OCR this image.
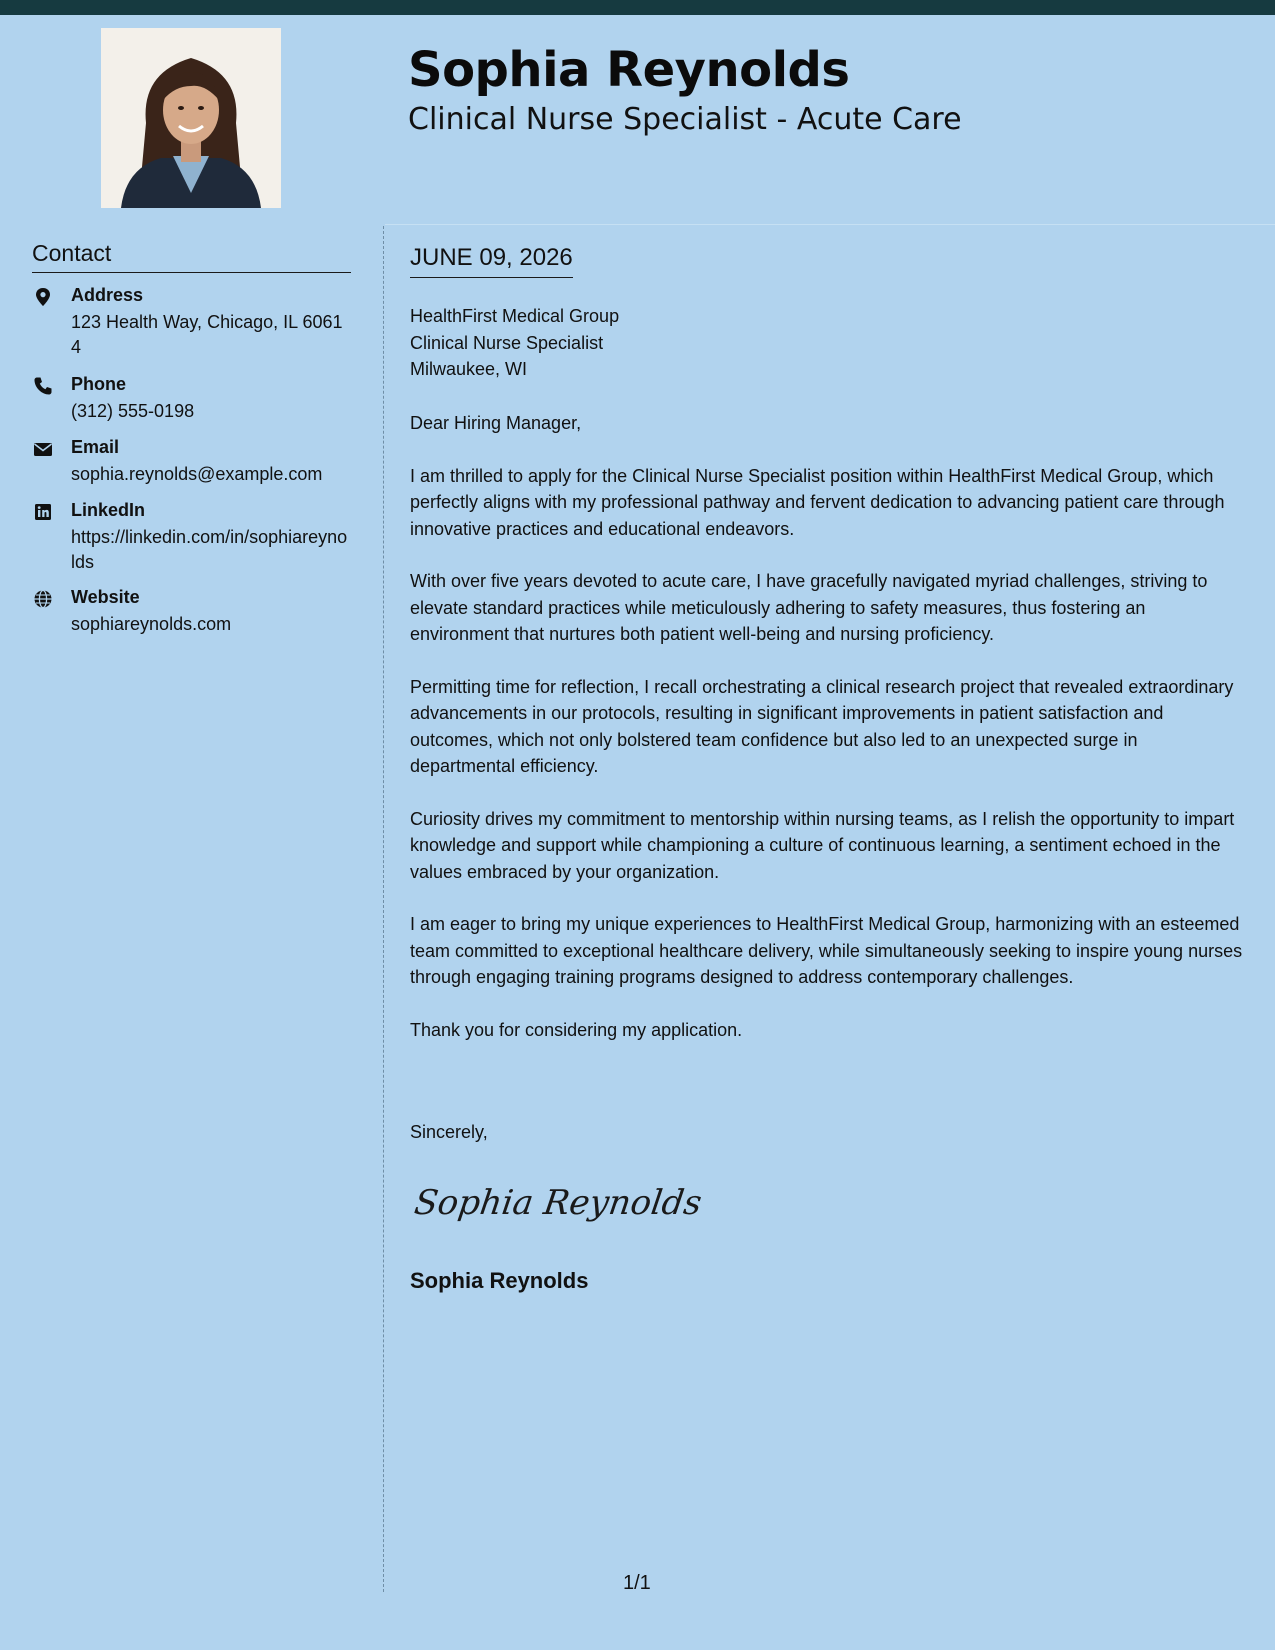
Sophia Reynolds
Clinical Nurse Specialist - Acute Care
Contact
Address
123 Health Way, Chicago, IL 60614
Phone
(312) 555-0198
Email
sophia.reynolds@example.com
LinkedIn
https://linkedin.com/in/sophiareynolds
Website
sophiareynolds.com
JUNE 09, 2026
HealthFirst Medical Group
Clinical Nurse Specialist
Milwaukee, WI

Dear Hiring Manager,

I am thrilled to apply for the Clinical Nurse Specialist position within HealthFirst Medical Group, which perfectly aligns with my professional pathway and fervent dedication to advancing patient care through innovative practices and educational endeavors.

With over five years devoted to acute care, I have gracefully navigated myriad challenges, striving to elevate standard practices while meticulously adhering to safety measures, thus fostering an environment that nurtures both patient well-being and nursing proficiency.

Permitting time for reflection, I recall orchestrating a clinical research project that revealed extraordinary advancements in our protocols, resulting in significant improvements in patient satisfaction and outcomes, which not only bolstered team confidence but also led to an unexpected surge in departmental efficiency.

Curiosity drives my commitment to mentorship within nursing teams, as I relish the opportunity to impart knowledge and support while championing a culture of continuous learning, a sentiment echoed in the values embraced by your organization.

I am eager to bring my unique experiences to HealthFirst Medical Group, harmonizing with an esteemed team committed to exceptional healthcare delivery, while simultaneously seeking to inspire young nurses through engaging training programs designed to address contemporary challenges.

Thank you for considering my application.

Sincerely,
Sophia Reynolds
Sophia Reynolds
1/1
